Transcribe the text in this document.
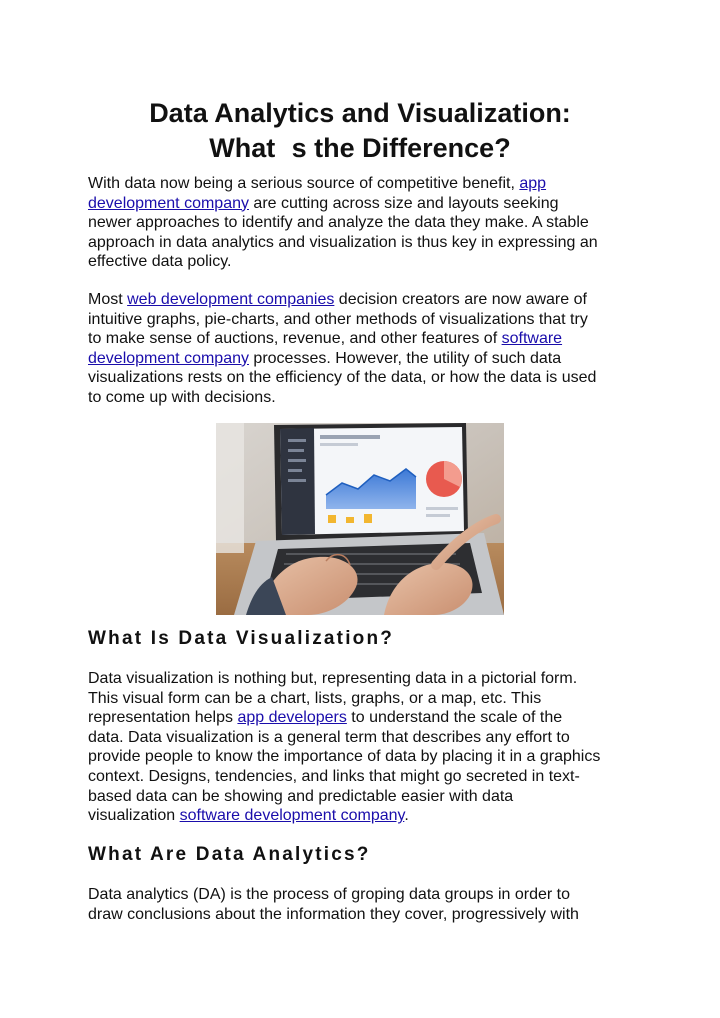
Data Analytics and Visualization:
Whats the Difference?

With data now being a serious source of competitive benefit, app
development company are cutting across size and layouts seeking
newer approaches to identify and analyze the data they make. A stable
approach in data analytics and visualization is thus key in expressing an
effective data policy.

Most web development companies decision creators are now aware of
intuitive graphs, pie-charts, and other methods of visualizations that try
to make sense of auctions, revenue, and other features of software
development company processes. However, the utility of such data
visualizations rests on the efficiency of the data, or how the data is used
to come up with decisions.

What Is Data Visualization?

Data visualization is nothing but, representing data in a pictorial form.
This visual form can be a chart, lists, graphs, or a map, etc. This
representation helps app developers to understand the scale of the
data. Data visualization is a general term that describes any effort to
provide people to know the importance of data by placing it in a graphics
context. Designs, tendencies, and links that might go secreted in text-
based data can be showing and predictable easier with data
visualization software development company.

What Are Data Analytics?

Data analytics (DA) is the process of groping data groups in order to
draw conclusions about the information they cover, progressively with
